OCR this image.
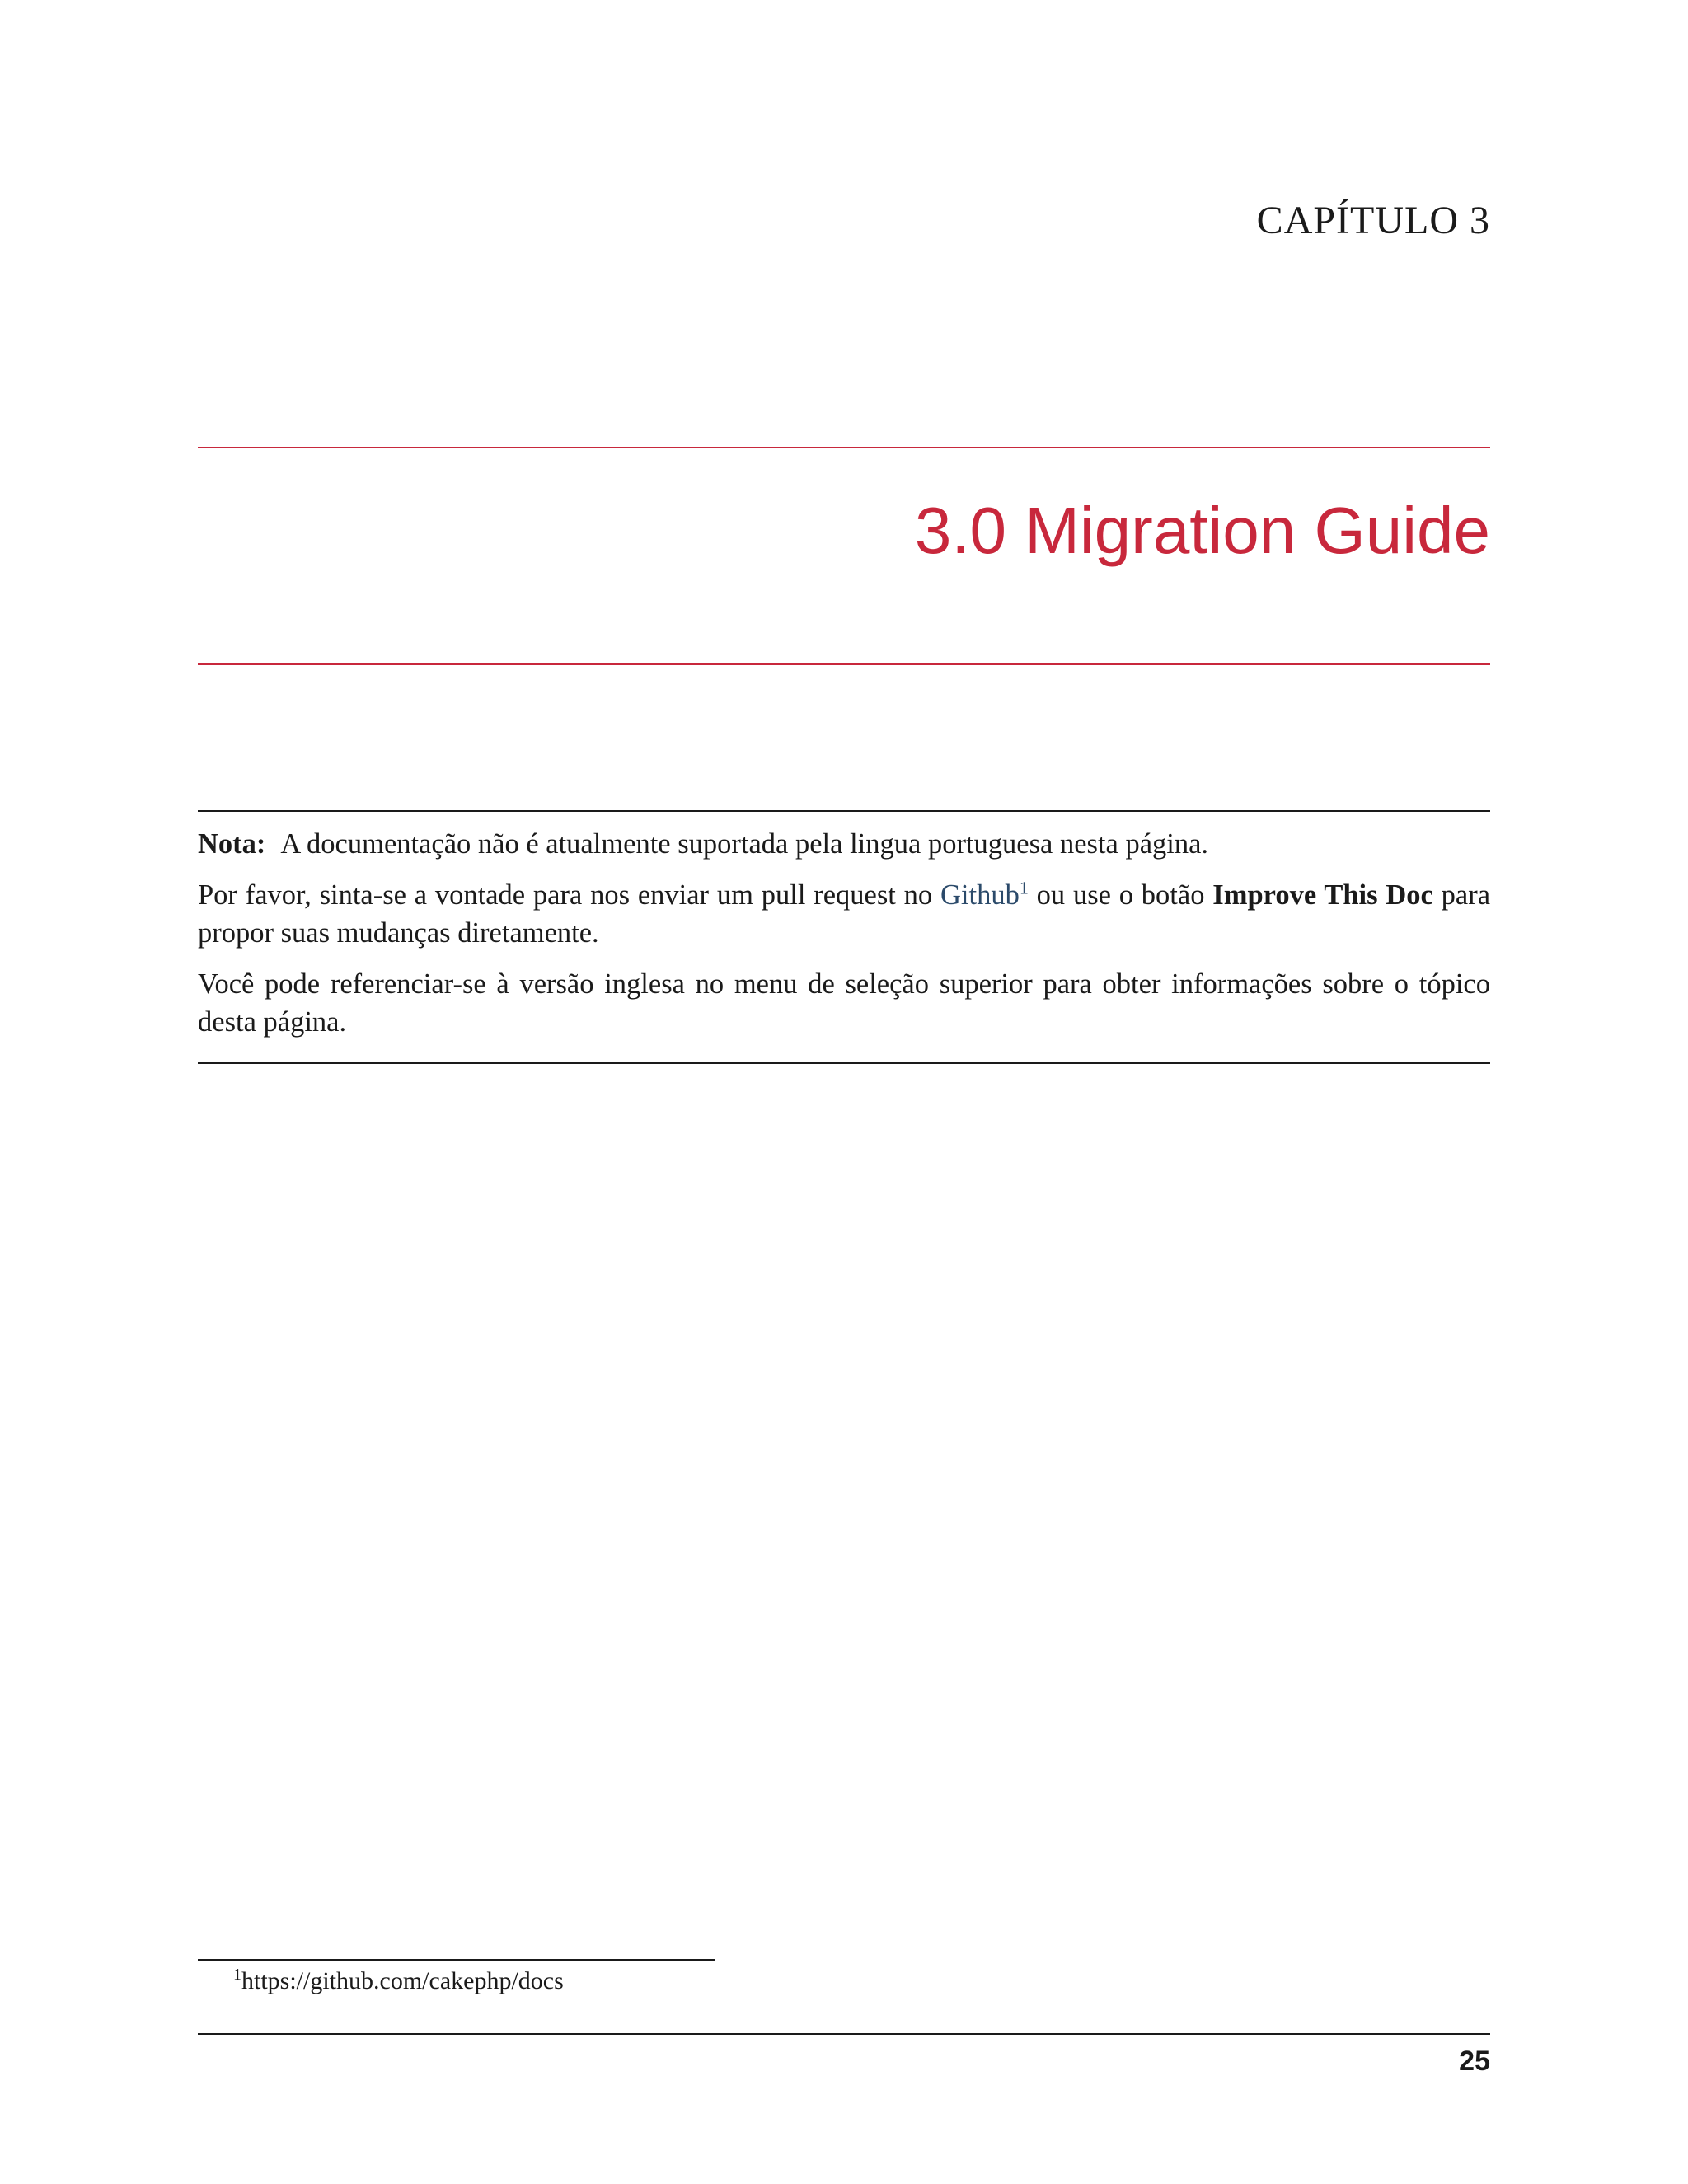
CAPÍTULO 3
3.0 Migration Guide

Nota: A documentação não é atualmente suportada pela lingua portuguesa nesta página.

Por favor, sinta-se a vontade para nos enviar um pull request no Github$^1$ ou use o botão Improve This Doc para propor suas mudanças diretamente.

Você pode referenciar-se à versão inglesa no menu de seleção superior para obter informações sobre o tópico desta página.

$^1$https://github.com/cakephp/docs
25
